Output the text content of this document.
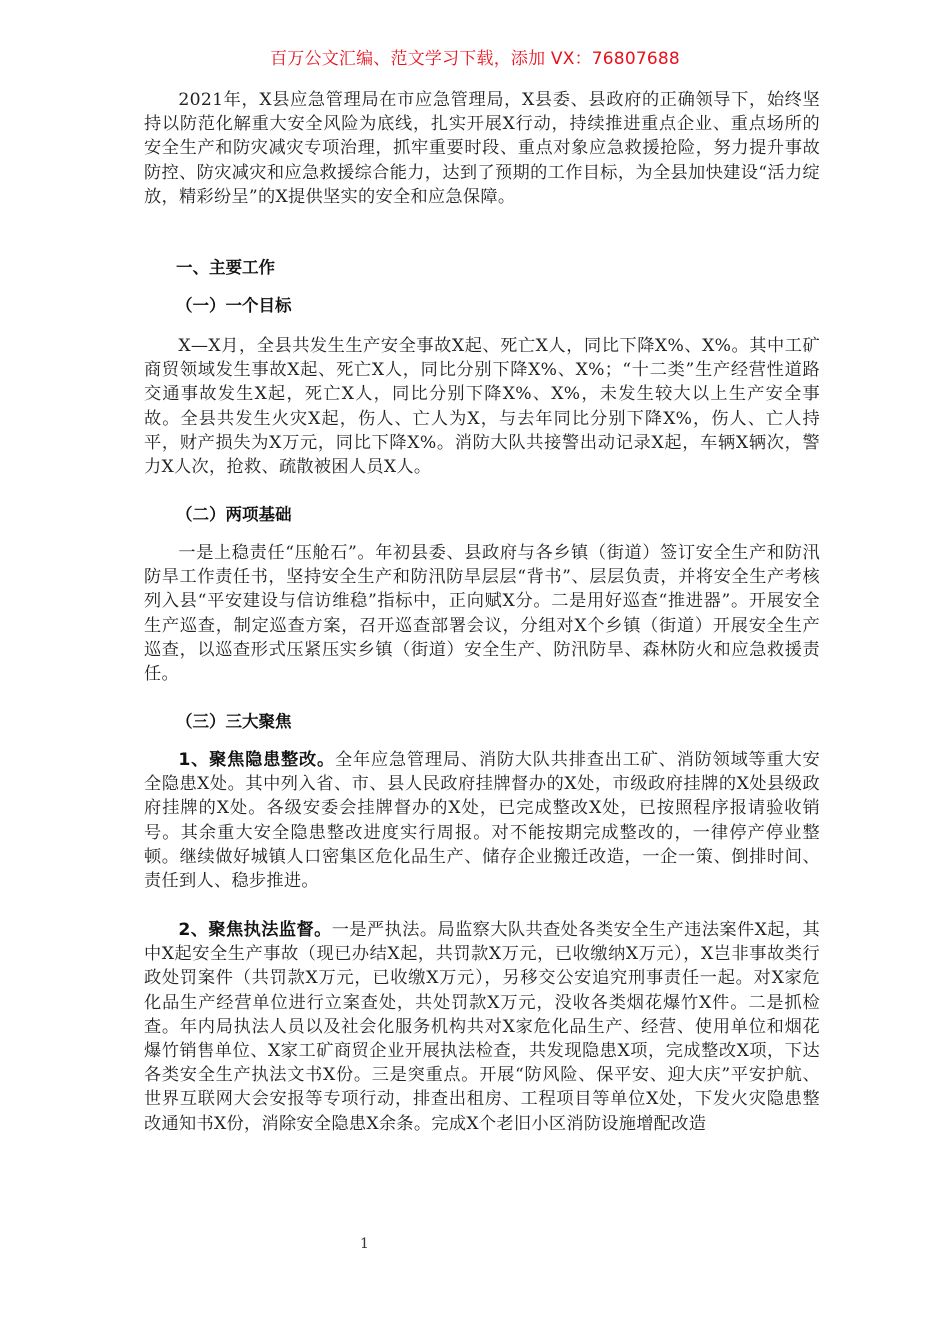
百万公文汇编、范文学习下载，添加 VX：76807688

2021年，X县应急管理局在市应急管理局，X县委、县政府的正确领导下，始终坚持以防范化解重大安全风险为底线，扎实开展X行动，持续推进重点企业、重点场所的安全生产和防灾减灾专项治理，抓牢重要时段、重点对象应急救援抢险，努力提升事故防控、防灾减灾和应急救援综合能力，达到了预期的工作目标，为全县加快建设“活力绽放，精彩纷呈”的X提供坚实的安全和应急保障。

一、主要工作
（一）一个目标

X—X月，全县共发生生产安全事故X起、死亡X人，同比下降X%、X%。其中工矿商贸领域发生事故X起、死亡X人，同比分别下降X%、X%；“十二类”生产经营性道路交通事故发生X起，死亡X人，同比分别下降X%、X%，未发生较大以上生产安全事故。全县共发生火灾X起，伤人、亡人为X，与去年同比分别下降X%，伤人、亡人持平，财产损失为X万元，同比下降X%。消防大队共接警出动记录X起，车辆X辆次，警力X人次，抢救、疏散被困人员X人。

（二）两项基础

一是上稳责任“压舱石”。年初县委、县政府与各乡镇（街道）签订安全生产和防汛防旱工作责任书，坚持安全生产和防汛防旱层层“背书”、层层负责，并将安全生产考核列入县“平安建设与信访维稳”指标中，正向赋X分。二是用好巡查“推进器”。开展安全生产巡查，制定巡查方案，召开巡查部署会议，分组对X个乡镇（街道）开展安全生产巡查，以巡查形式压紧压实乡镇（街道）安全生产、防汛防旱、森林防火和应急救援责任。

（三）三大聚焦

1、聚焦隐患整改。全年应急管理局、消防大队共排查出工矿、消防领域等重大安全隐患X处。其中列入省、市、县人民政府挂牌督办的X处，市级政府挂牌的X处县级政府挂牌的X处。各级安委会挂牌督办的X处，已完成整改X处，已按照程序报请验收销号。其余重大安全隐患整改进度实行周报。对不能按期完成整改的，一律停产停业整顿。继续做好城镇人口密集区危化品生产、储存企业搬迁改造，一企一策、倒排时间、责任到人、稳步推进。

2、聚焦执法监督。一是严执法。局监察大队共查处各类安全生产违法案件X起，其中X起安全生产事故（现已办结X起，共罚款X万元，已收缴纳X万元），X岂非事故类行政处罚案件（共罚款X万元，已收缴X万元），另移交公安追究刑事责任一起。对X家危化品生产经营单位进行立案查处，共处罚款X万元，没收各类烟花爆竹X件。二是抓检查。年内局执法人员以及社会化服务机构共对X家危化品生产、经营、使用单位和烟花爆竹销售单位、X家工矿商贸企业开展执法检查，共发现隐患X项，完成整改X项，下达各类安全生产执法文书X份。三是突重点。开展“防风险、保平安、迎大庆”平安护航、世界互联网大会安报等专项行动，排查出租房、工程项目等单位X处，下发火灾隐患整改通知书X份，消除安全隐患X余条。完成X个老旧小区消防设施增配改造

1
